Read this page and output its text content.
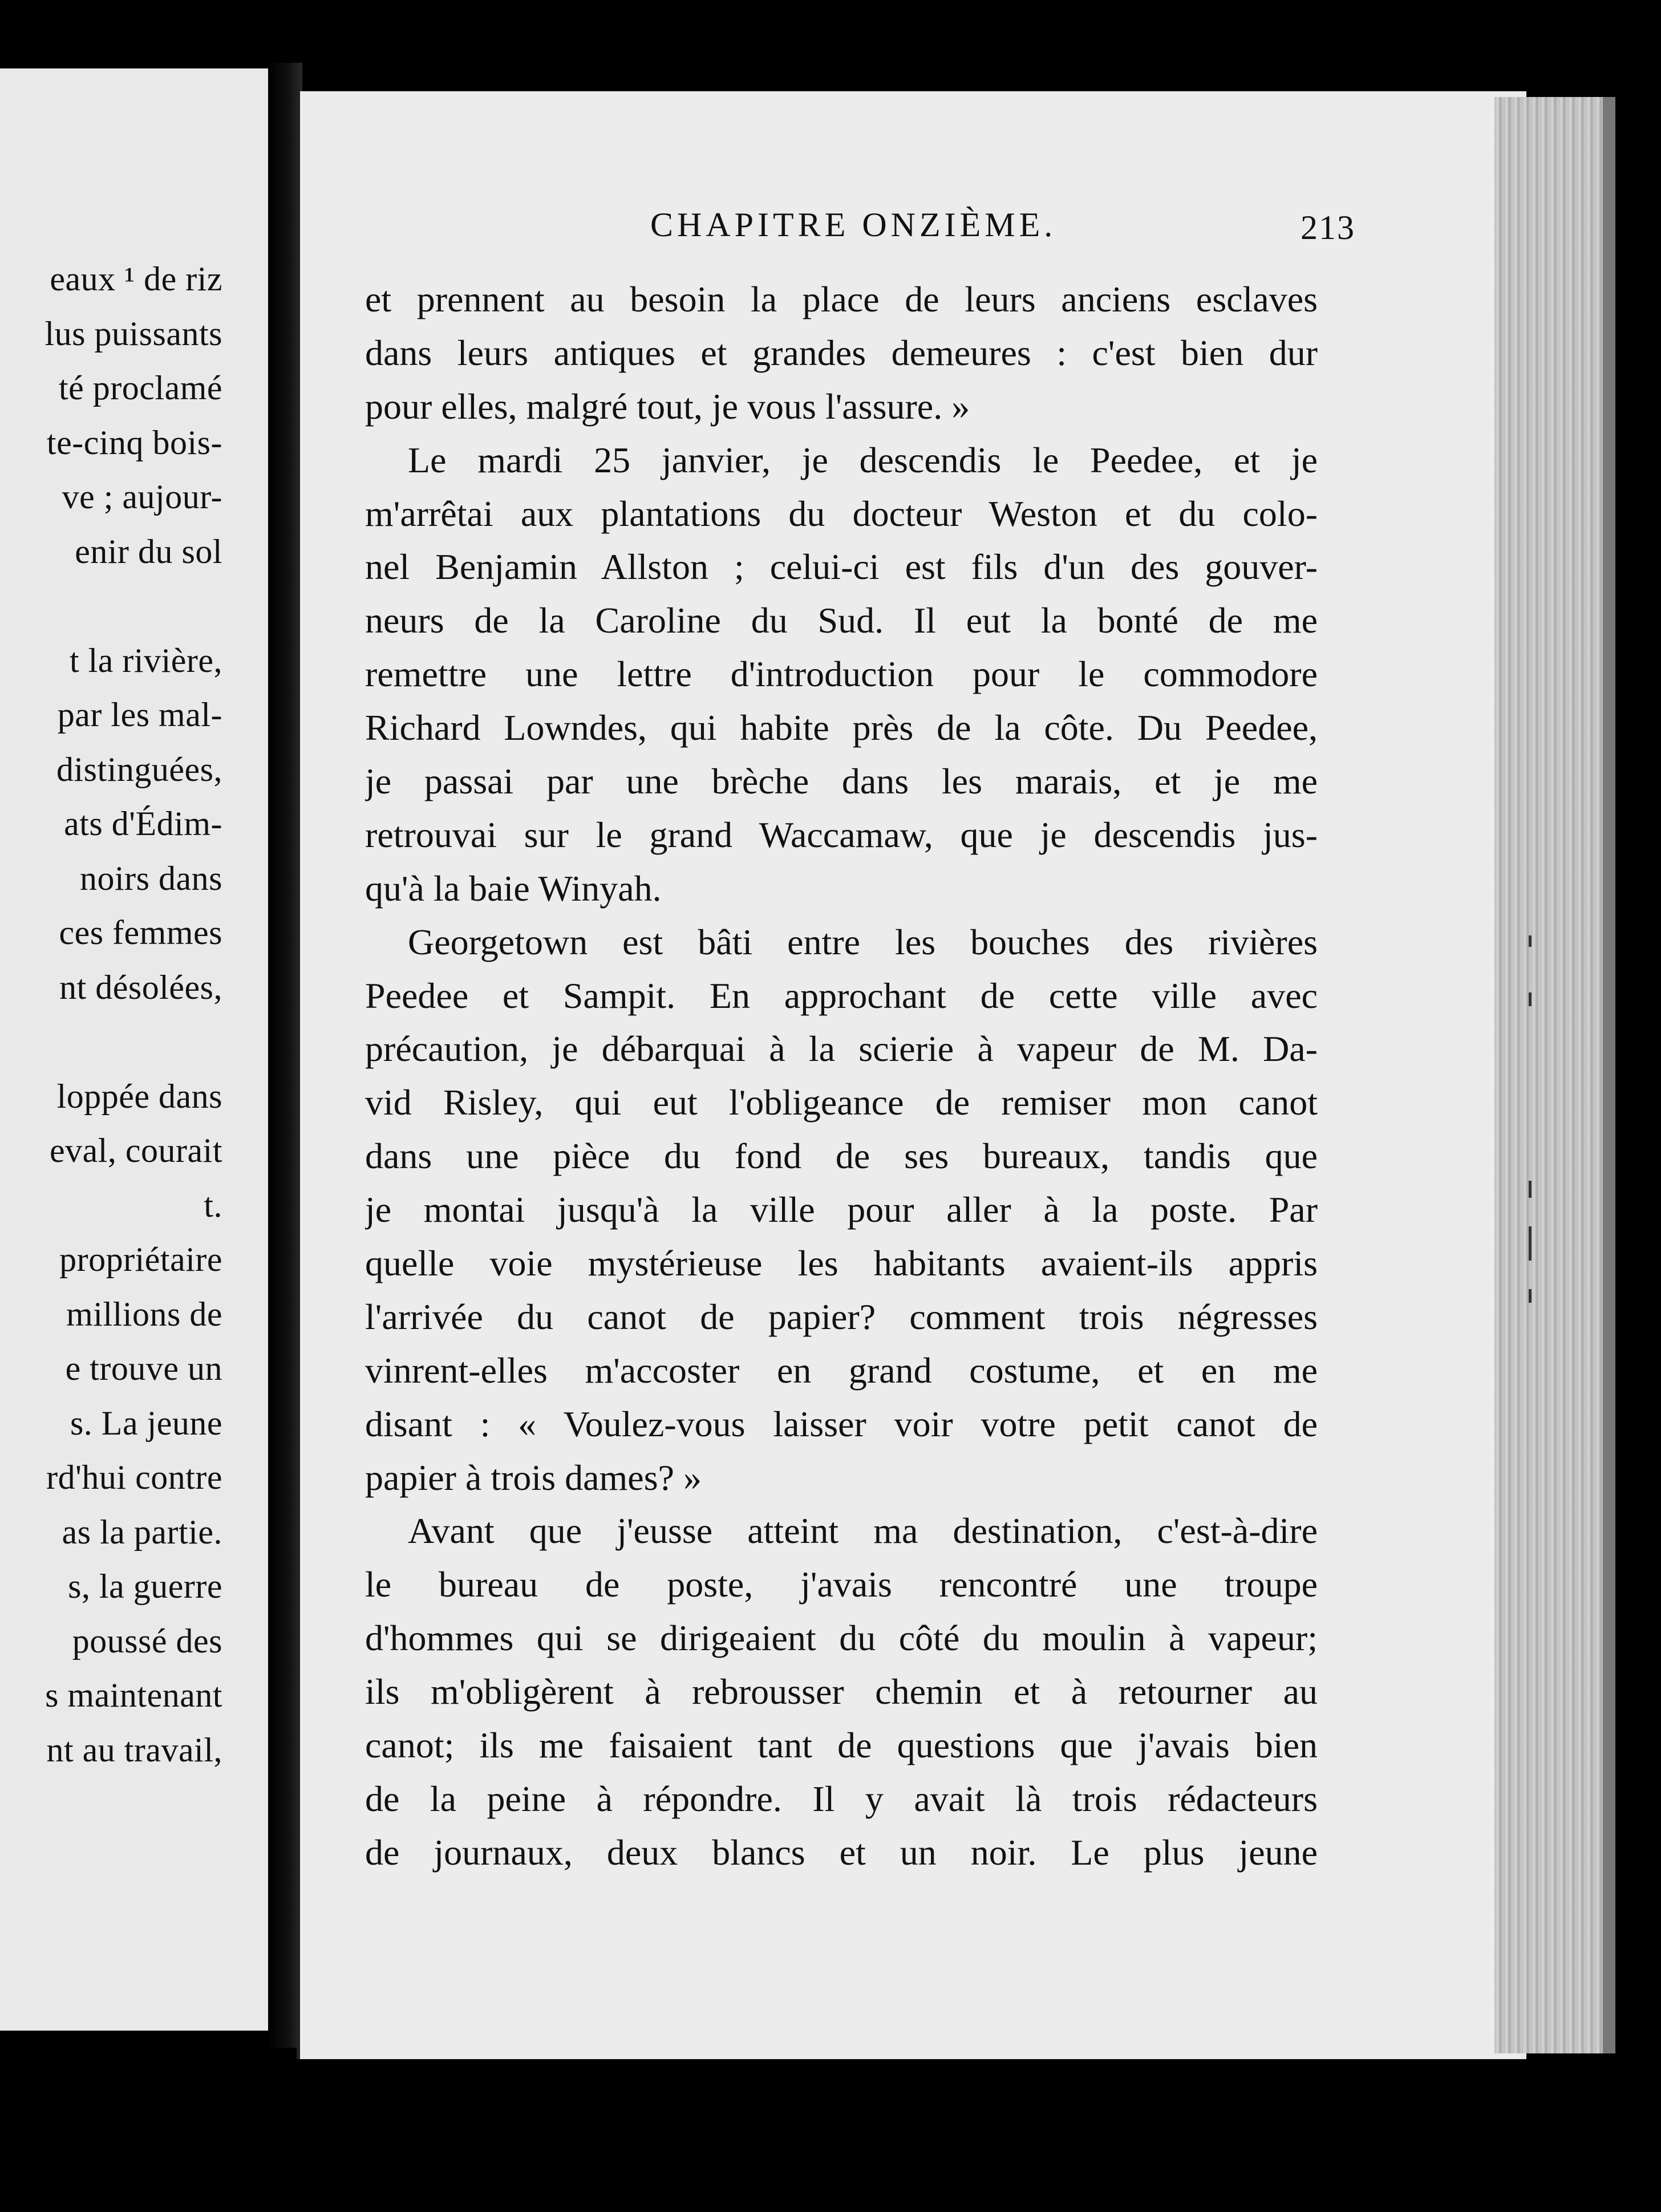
eaux ¹ de riz
lus puissants
té proclamé
te-cinq bois-
ve ; aujour-
enir du sol
t la rivière,
par les mal-
distinguées,
ats d'Édim-
noirs dans
ces femmes
nt désolées,
loppée dans
eval, courait
t.
propriétaire
millions de
e trouve un
s. La jeune
rd'hui contre
as la partie.
s, la guerre
poussé des
s maintenant
nt au travail,
CHAPITRE ONZIÈME.	213
et prennent au besoin la place de leurs anciens esclaves
dans leurs antiques et grandes demeures : c'est bien dur
pour elles, malgré tout, je vous l'assure. »
Le mardi 25 janvier, je descendis le Peedee, et je
m'arrêtai aux plantations du docteur Weston et du colo-
nel Benjamin Allston ; celui-ci est fils d'un des gouver-
neurs de la Caroline du Sud. Il eut la bonté de me
remettre une lettre d'introduction pour le commodore
Richard Lowndes, qui habite près de la côte. Du Peedee,
je passai par une brèche dans les marais, et je me
retrouvai sur le grand Waccamaw, que je descendis jus-
qu'à la baie Winyah.
Georgetown est bâti entre les bouches des rivières
Peedee et Sampit. En approchant de cette ville avec
précaution, je débarquai à la scierie à vapeur de M. Da-
vid Risley, qui eut l'obligeance de remiser mon canot
dans une pièce du fond de ses bureaux, tandis que
je montai jusqu'à la ville pour aller à la poste. Par
quelle voie mystérieuse les habitants avaient-ils appris
l'arrivée du canot de papier? comment trois négresses
vinrent-elles m'accoster en grand costume, et en me
disant : « Voulez-vous laisser voir votre petit canot de
papier à trois dames? »
Avant que j'eusse atteint ma destination, c'est-à-dire
le bureau de poste, j'avais rencontré une troupe
d'hommes qui se dirigeaient du côté du moulin à vapeur;
ils m'obligèrent à rebrousser chemin et à retourner au
canot; ils me faisaient tant de questions que j'avais bien
de la peine à répondre. Il y avait là trois rédacteurs
de journaux, deux blancs et un noir. Le plus jeune
